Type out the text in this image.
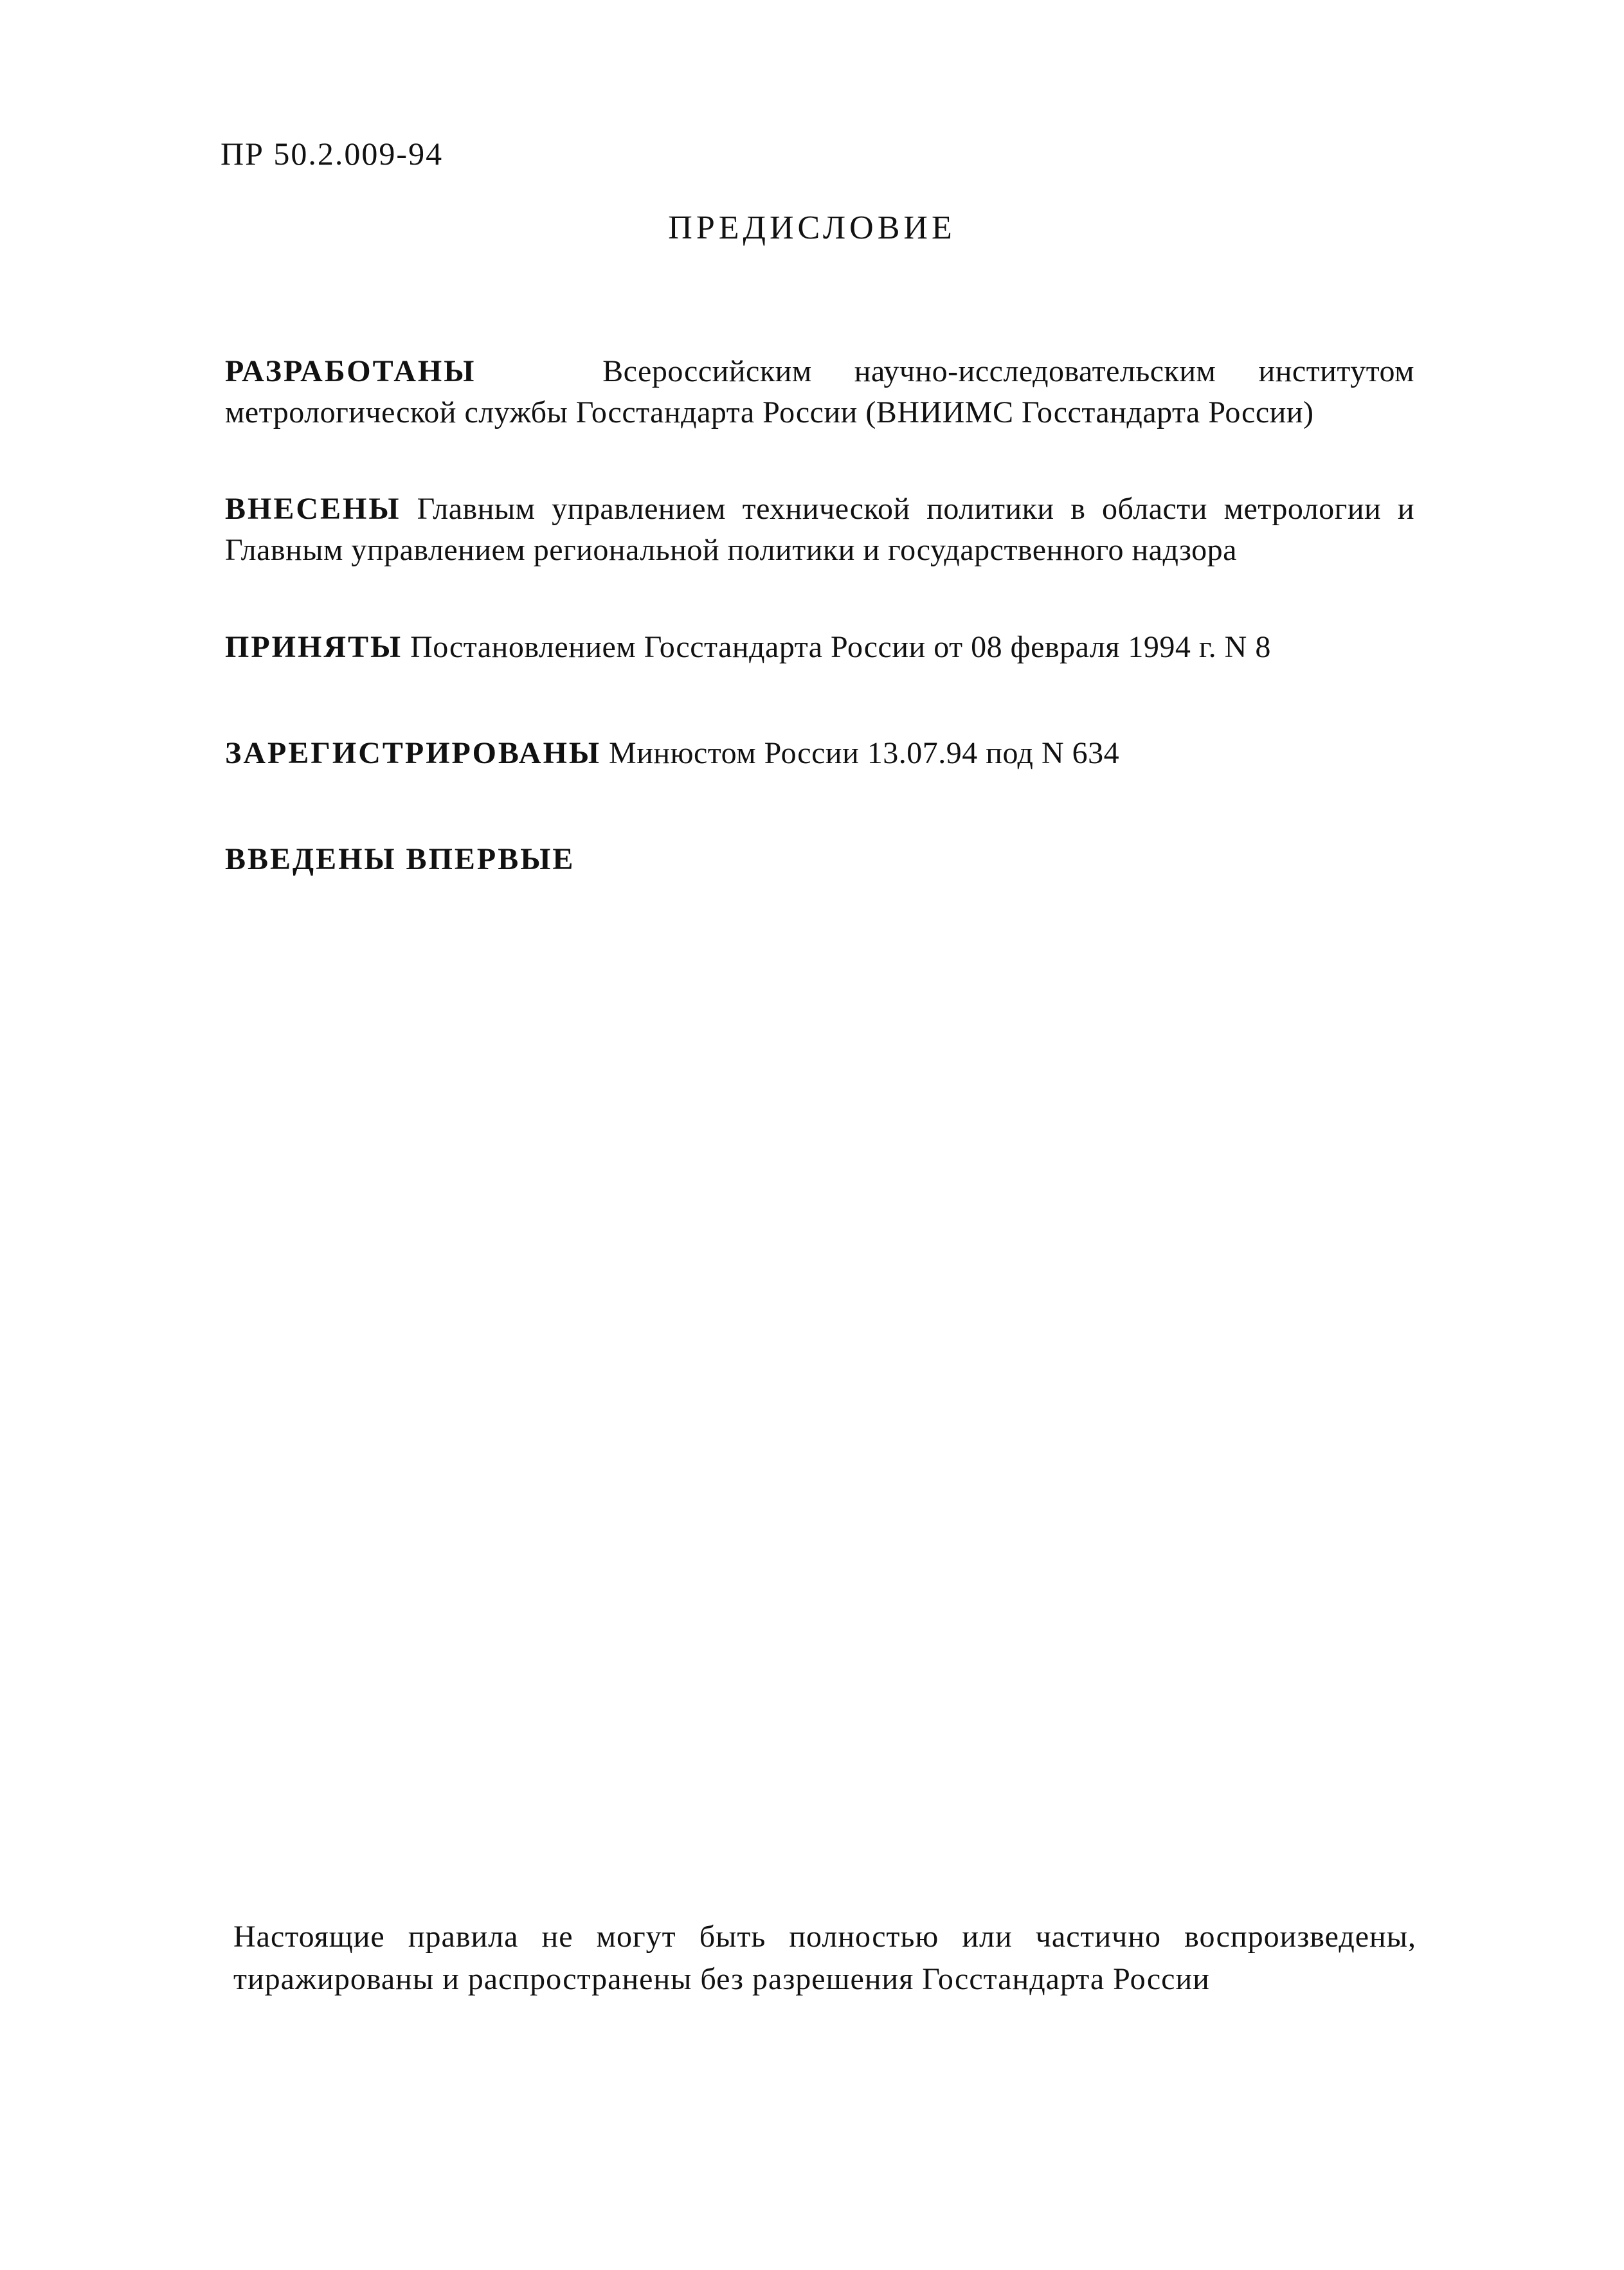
ПР 50.2.009-94
ПРЕДИСЛОВИЕ
РАЗРАБОТАНЫ	Всероссийским научно-исследовательским институтом метрологической службы Госстандарта России (ВНИИМС Госстандарта России)
ВНЕСЕНЫ Главным управлением технической политики в области метрологии и Главным управлением региональной политики и государственного надзора
ПРИНЯТЫ Постановлением Госстандарта России от 08 февраля 1994 г. N 8
ЗАРЕГИСТРИРОВАНЫ Минюстом России 13.07.94 под N 634
ВВЕДЕНЫ ВПЕРВЫЕ
Настоящие правила не могут быть полностью или частично воспроизведены, тиражированы и распространены без разрешения Госстандарта России
